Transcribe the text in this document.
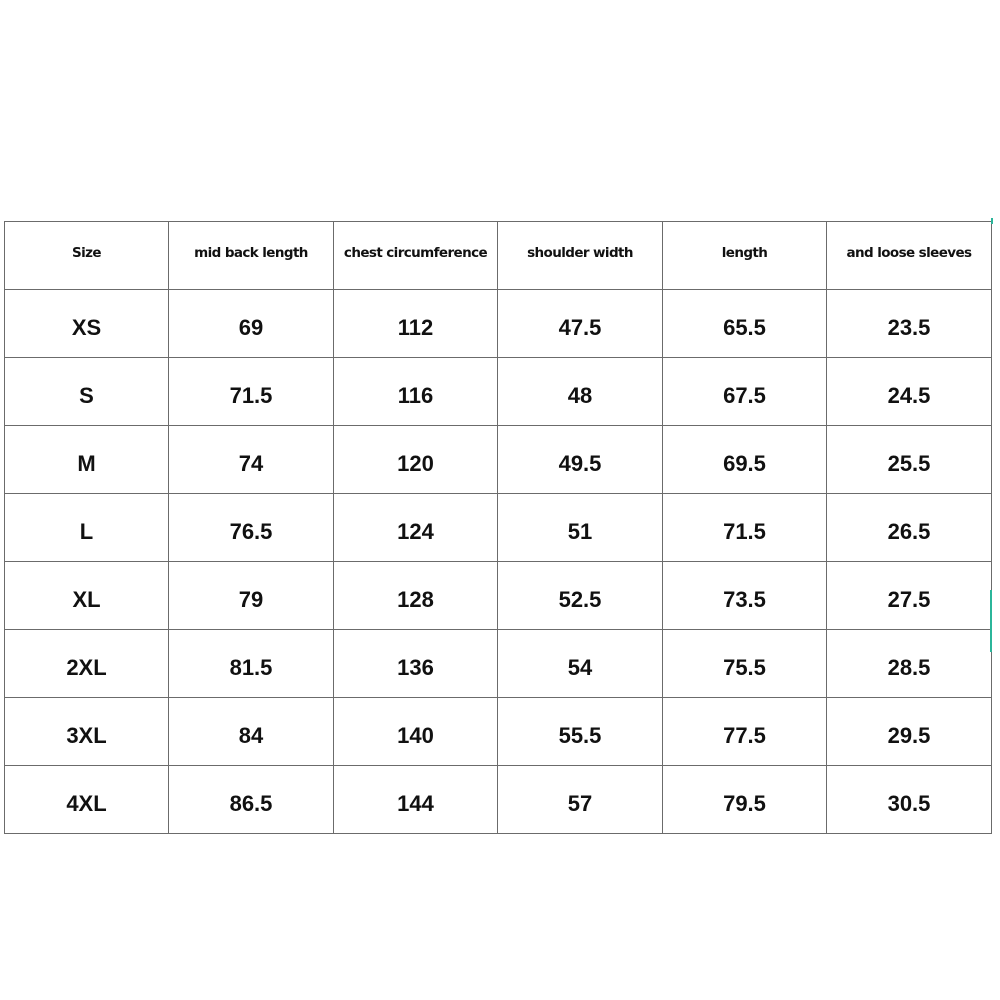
Size	mid back length	chest circumference	shoulder width	length	and loose sleeves
XS	69	112	47.5	65.5	23.5
S	71.5	116	48	67.5	24.5
M	74	120	49.5	69.5	25.5
L	76.5	124	51	71.5	26.5
XL	79	128	52.5	73.5	27.5
2XL	81.5	136	54	75.5	28.5
3XL	84	140	55.5	77.5	29.5
4XL	86.5	144	57	79.5	30.5
